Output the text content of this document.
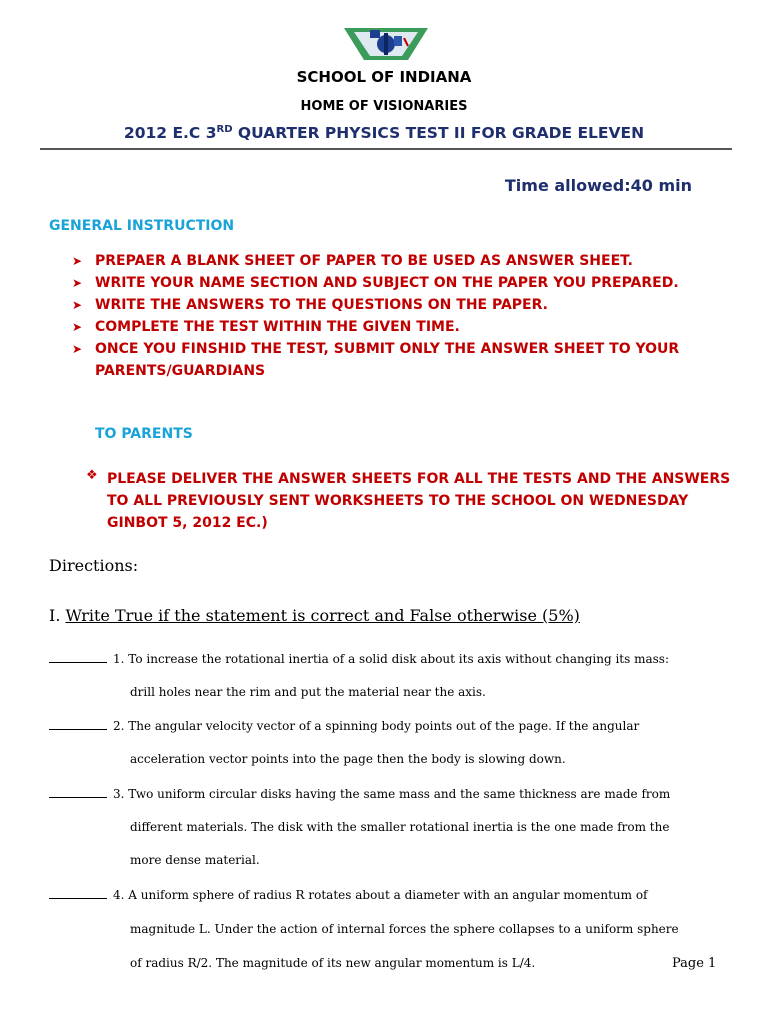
SCHOOL OF INDIANA
HOME OF VISIONARIES
2012 E.C 3RD QUARTER PHYSICS TEST II FOR GRADE ELEVEN
Time allowed:40 min
GENERAL INSTRUCTION
➤ PREPAER A BLANK SHEET OF PAPER TO BE USED AS ANSWER SHEET.
➤ WRITE YOUR NAME SECTION AND SUBJECT ON THE PAPER YOU PREPARED.
➤ WRITE THE ANSWERS TO THE QUESTIONS ON THE PAPER.
➤ COMPLETE THE TEST WITHIN THE GIVEN TIME.
➤ ONCE YOU FINSHID THE TEST, SUBMIT ONLY THE ANSWER SHEET TO YOUR PARENTS/GUARDIANS
TO PARENTS
❖ PLEASE DELIVER THE ANSWER SHEETS FOR ALL THE TESTS AND THE ANSWERS TO ALL PREVIOUSLY SENT WORKSHEETS TO THE SCHOOL ON WEDNESDAY GINBOT 5, 2012 EC.)
Directions:
I. Write True if the statement is correct and False otherwise (5%)
1. To increase the rotational inertia of a solid disk about its axis without changing its mass:
drill holes near the rim and put the material near the axis.
2. The angular velocity vector of a spinning body points out of the page. If the angular
acceleration vector points into the page then the body is slowing down.
3. Two uniform circular disks having the same mass and the same thickness are made from
different materials. The disk with the smaller rotational inertia is the one made from the
more dense material.
4. A uniform sphere of radius R rotates about a diameter with an angular momentum of
magnitude L. Under the action of internal forces the sphere collapses to a uniform sphere
of radius R/2. The magnitude of its new angular momentum is L/4.	Page 1
